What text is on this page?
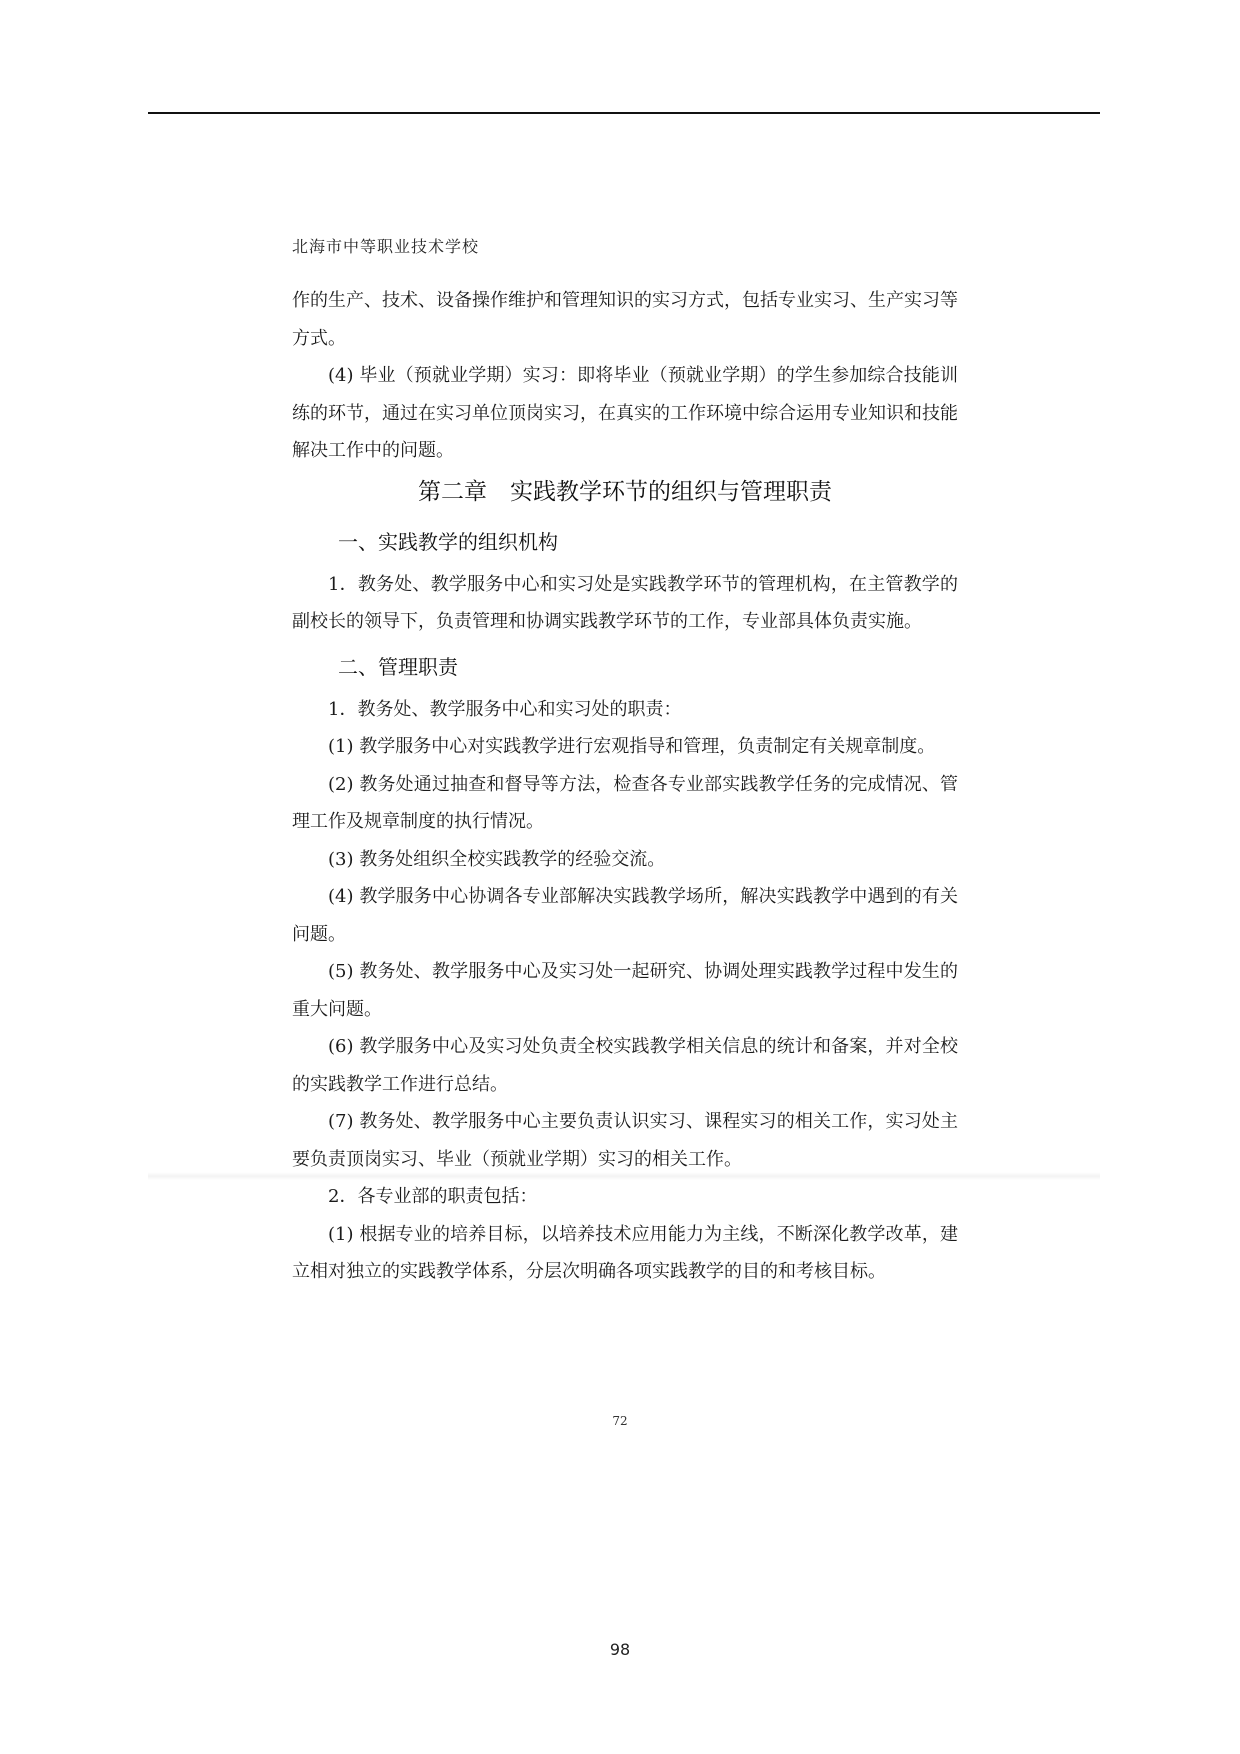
北海市中等职业技术学校

作的生产、技术、设备操作维护和管理知识的实习方式，包括专业实习、生产实习等方式。

(4) 毕业（预就业学期）实习：即将毕业（预就业学期）的学生参加综合技能训练的环节，通过在实习单位顶岗实习，在真实的工作环境中综合运用专业知识和技能解决工作中的问题。

第二章　实践教学环节的组织与管理职责
一、实践教学的组织机构

1．教务处、教学服务中心和实习处是实践教学环节的管理机构，在主管教学的副校长的领导下，负责管理和协调实践教学环节的工作，专业部具体负责实施。

二、管理职责

1．教务处、教学服务中心和实习处的职责：

(1) 教学服务中心对实践教学进行宏观指导和管理，负责制定有关规章制度。

(2) 教务处通过抽查和督导等方法，检查各专业部实践教学任务的完成情况、管理工作及规章制度的执行情况。

(3) 教务处组织全校实践教学的经验交流。

(4) 教学服务中心协调各专业部解决实践教学场所，解决实践教学中遇到的有关问题。

(5) 教务处、教学服务中心及实习处一起研究、协调处理实践教学过程中发生的重大问题。

(6) 教学服务中心及实习处负责全校实践教学相关信息的统计和备案，并对全校的实践教学工作进行总结。

(7) 教务处、教学服务中心主要负责认识实习、课程实习的相关工作，实习处主要负责顶岗实习、毕业（预就业学期）实习的相关工作。

2．各专业部的职责包括：

(1) 根据专业的培养目标，以培养技术应用能力为主线，不断深化教学改革，建立相对独立的实践教学体系，分层次明确各项实践教学的目的和考核目标。

72
98
